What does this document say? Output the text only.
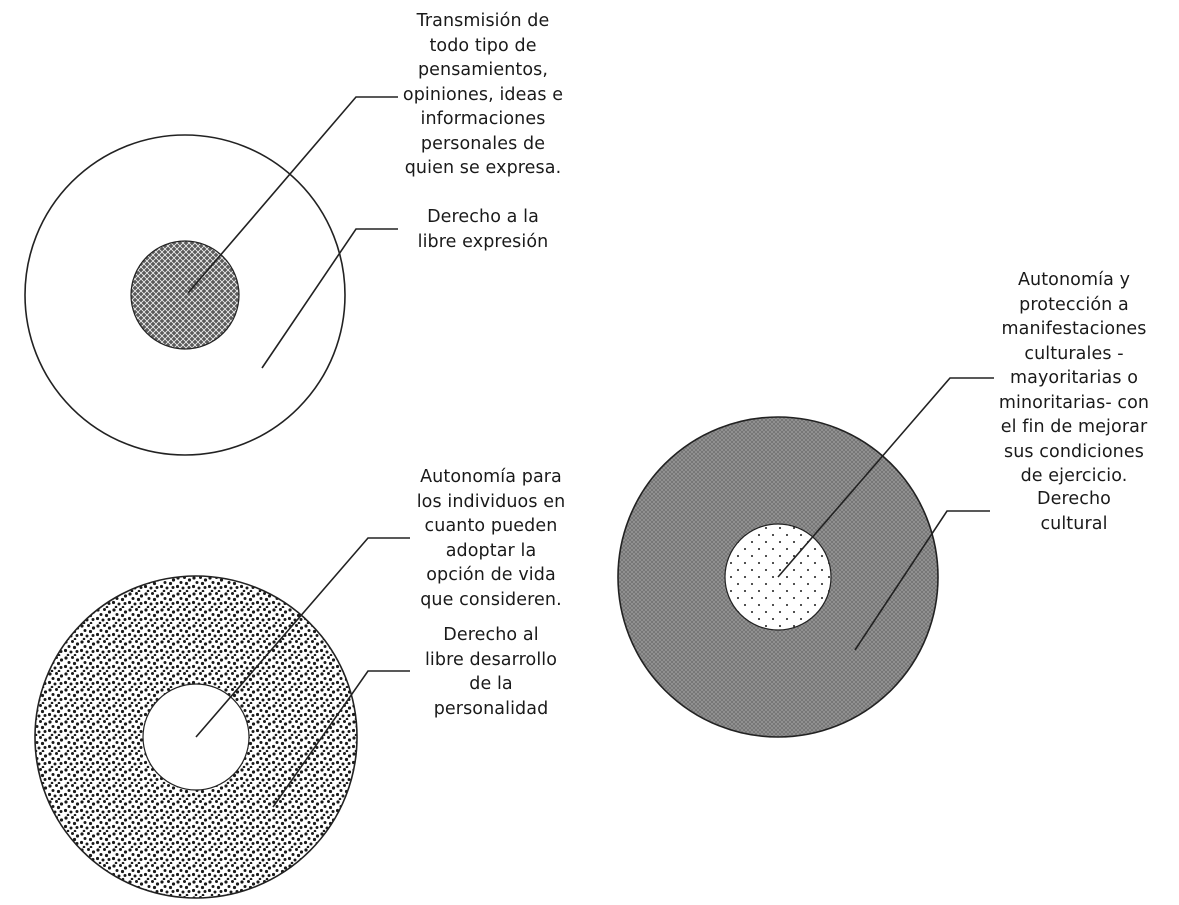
Transmisión de
todo tipo de
pensamientos,
opiniones, ideas e
informaciones
personales de
quien se expresa.
Derecho a la
libre expresión
Autonomía y
protección a
manifestaciones
culturales -
mayoritarias o
minoritarias- con
el fin de mejorar
sus condiciones
de ejercicio.
Derecho
cultural
Autonomía para
los individuos en
cuanto pueden
adoptar la
opción de vida
que consideren.
Derecho al
libre desarrollo
de la
personalidad
